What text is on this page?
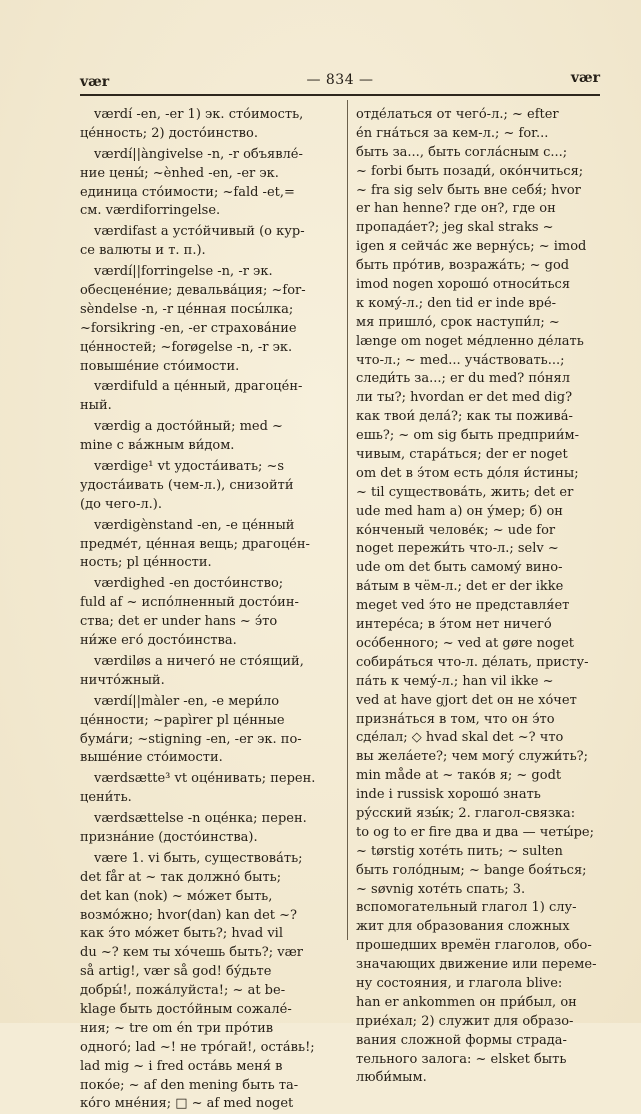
vær	— 834 —	vær
værdí -en, -er 1) эк. сто́имость,
це́нность; 2) досто́инство.
værdí||àngivelse -n, -r объявле́-
ние цены́; ~ènhed -en, -er эк.
единица сто́имости; ~fald -et,=
см. værdiforringelse.
værdifast a усто́йчивый (о кур-
се валюты и т. п.).
værdí||forringelse -n, -r эк.
обесцене́ние; девальва́ция; ~for-
sèndelse -n, -r це́нная посы́лка;
~forsikring -en, -er страхова́ние
це́нностей; ~forøgelse -n, -r эк.
повыше́ние сто́имости.
værdifuld a це́нный, драгоце́н-
ный.
værdig a досто́йный; med ~
mine с ва́жным ви́дом.
værdige¹ vt удоста́ивать; ~s
удоста́ивать (чем-л.), снизойти́
(до чего-л.).
værdigènstand -en, -e це́нный
предме́т, це́нная вещь; драгоце́н-
ность; pl це́нности.
værdighed -en досто́инство;
fuld af ~ испо́лненный досто́ин-
ства; det er under hans ~ э́то
ни́же его́ досто́инства.
værdiløs a ничего́ не сто́ящий,
ничто́жный.
værdí||màler -en, -e мери́ло
це́нности; ~papìrer pl це́нные
бума́ги; ~stigning -en, -er эк. по-
выше́ние сто́имости.
værdsætte³ vt оце́нивать; перен.
цени́ть.
værdsættelse -n оце́нка; перен.
призна́ние (досто́инства).
være 1. vi быть, существова́ть;
det får at ~ так должно́ быть;
det kan (nok) ~ мо́жет быть,
возмо́жно; hvor(dan) kan det ~?
как э́то мо́жет быть?; hvad vil
du ~? кем ты хо́чешь быть?; vær
så artig!, vær så god! бу́дьте
добры́!, пожа́луйста!; ~ at be-
klage быть досто́йным сожале́-
ния; ~ tre om én три про́тив
одного́; lad ~! не тро́гай!, оста́вь!;
lad mig ~ i fred оста́вь меня́ в
поко́е; ~ af den mening быть та-
ко́го мне́ния; □ ~ af med noget
отде́латься от чего́-л.; ~ efter
én гна́ться за кем-л.; ~ for...
быть за..., быть согла́сным с...;
~ forbi быть позади́, око́нчиться;
~ fra sig selv быть вне себя́; hvor
er han henne? где он?, где он
пропада́ет?; jeg skal straks ~
igen я сейча́с же верну́сь; ~ imod
быть про́тив, возража́ть; ~ god
imod nogen хорошо́ относи́ться
к кому́-л.; den tid er inde вре́-
мя пришло́, срок наступи́л; ~
længe om noget ме́дленно де́лать
что-л.; ~ med... уча́ствовать...;
следи́ть за...; er du med? по́нял
ли ты?; hvordan er det med dig?
как твои́ дела́?; как ты пожива́-
ешь?; ~ om sig быть предприи́м-
чивым, стара́ться; der er noget
om det в э́том есть до́ля и́стины;
~ til существова́ть, жить; det er
ude med ham а) он у́мер; б) он
ко́нченый челове́к; ~ ude for
noget пережи́ть что-л.; selv ~
ude om det быть самому́ вино-
ва́тым в чём-л.; det er der ikke
meget ved э́то не представля́ет
интере́са; в э́том нет ничего́
осо́бенного; ~ ved at gøre noget
собира́ться что-л. де́лать, присту-
па́ть к чему́-л.; han vil ikke ~
ved at have gjort det он не хо́чет
призна́ться в том, что он э́то
сде́лал; ◇ hvad skal det ~? что
вы жела́ете?; чем могу́ служи́ть?;
min måde at ~ тако́в я; ~ godt
inde i russisk хорошо́ знать
ру́сский язы́к; 2. глагол-связка:
to og to er fire два и два — четы́ре;
~ tørstig хоте́ть пить; ~ sulten
быть голо́дным; ~ bange боя́ться;
~ søvnig хоте́ть спать; 3.
вспомогательный глагол 1) слу-
жит для образования сложных
прошедших времён глаголов, обо-
значающих движение или переме-
ну состояния, и глагола blive:
han er ankommen он при́был, он
прие́хал; 2) служит для образо-
вания сложной формы страда-
тельного залога: ~ elsket быть
люби́мым.
